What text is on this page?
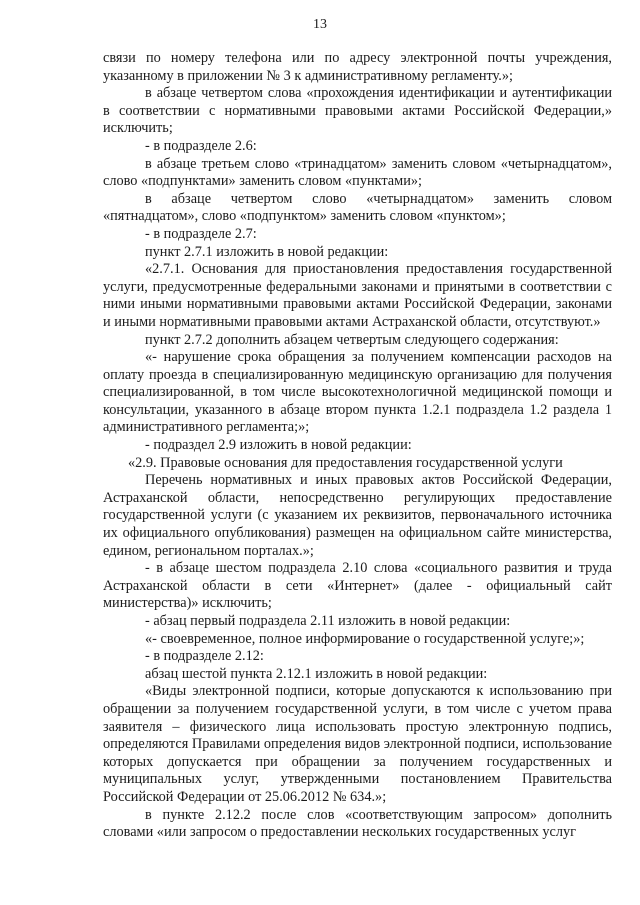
13

связи по номеру телефона или по адресу электронной почты учреждения, указанному в приложении № 3 к административному регламенту.»;

в абзаце четвертом слова «прохождения идентификации и аутентификации в соответствии с нормативными правовыми актами Российской Федерации,» исключить;

- в подразделе 2.6:

в абзаце третьем слово «тринадцатом» заменить словом «четырнадцатом», слово «подпунктами» заменить словом «пунктами»;

в абзаце четвертом слово «четырнадцатом» заменить словом «пятнадцатом», слово «подпунктом» заменить словом «пунктом»;

- в подразделе 2.7:

пункт 2.7.1 изложить в новой редакции:

«2.7.1. Основания для приостановления предоставления государственной услуги, предусмотренные федеральными законами и принятыми в соответствии с ними иными нормативными правовыми актами Российской Федерации, законами и иными нормативными правовыми актами Астраханской области, отсутствуют.»

пункт 2.7.2 дополнить абзацем четвертым следующего содержания:

«- нарушение срока обращения за получением компенсации расходов на оплату проезда в специализированную медицинскую организацию для получения специализированной, в том числе высокотехнологичной медицинской помощи и консультации, указанного в абзаце втором пункта 1.2.1 подраздела 1.2 раздела 1 административного регламента;»;

- подраздел 2.9 изложить в новой редакции:

«2.9. Правовые основания для предоставления государственной услуги

Перечень нормативных и иных правовых актов Российской Федерации, Астраханской области, непосредственно регулирующих предоставление государственной услуги (с указанием их реквизитов, первоначального источника их официального опубликования) размещен на официальном сайте министерства, едином, региональном порталах.»;

- в абзаце шестом подраздела 2.10 слова «социального развития и труда Астраханской области в сети «Интернет» (далее - официальный сайт министерства)» исключить;

- абзац первый подраздела 2.11 изложить в новой редакции:

«- своевременное, полное информирование о государственной услуге;»;

- в подразделе 2.12:

абзац шестой пункта 2.12.1 изложить в новой редакции:

«Виды электронной подписи, которые допускаются к использованию при обращении за получением государственной услуги, в том числе с учетом права заявителя – физического лица использовать простую электронную подпись, определяются Правилами определения видов электронной подписи, использование которых допускается при обращении за получением государственных и муниципальных услуг, утвержденными постановлением Правительства Российской Федерации от 25.06.2012 № 634.»;

в пункте 2.12.2 после слов «соответствующим запросом» дополнить словами «или запросом о предоставлении нескольких государственных услуг
